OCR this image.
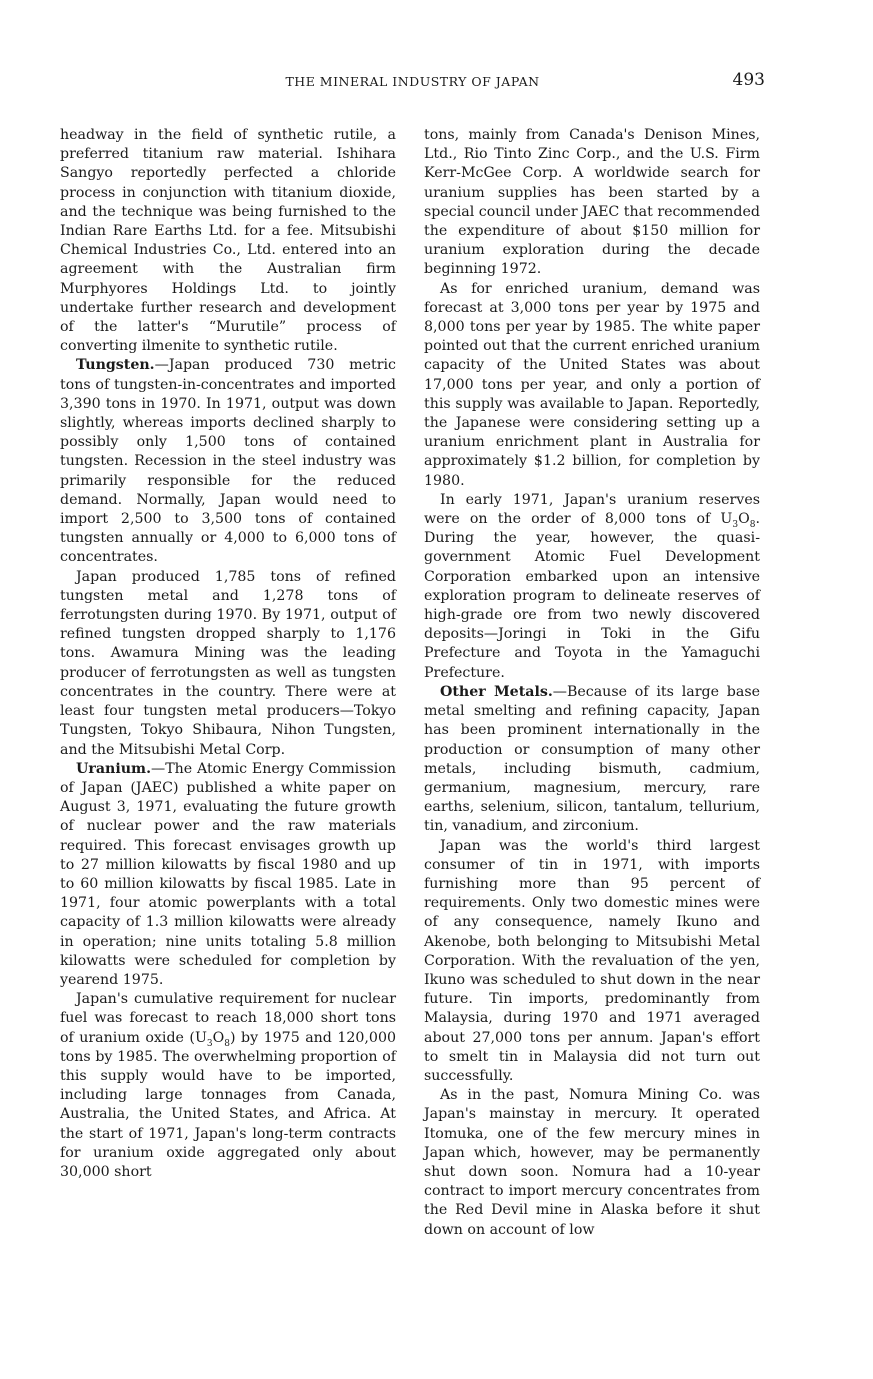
THE MINERAL INDUSTRY OF JAPAN	493

headway in the field of synthetic rutile, a preferred titanium raw material. Ishihara Sangyo reportedly perfected a chloride process in conjunction with titanium dioxide, and the technique was being furnished to the Indian Rare Earths Ltd. for a fee. Mitsubishi Chemical Industries Co., Ltd. entered into an agreement with the Australian firm Murphyores Holdings Ltd. to jointly undertake further research and development of the latter's “Murutile” process of converting ilmenite to synthetic rutile.

Tungsten.—Japan produced 730 metric tons of tungsten-in-concentrates and imported 3,390 tons in 1970. In 1971, output was down slightly, whereas imports declined sharply to possibly only 1,500 tons of contained tungsten. Recession in the steel industry was primarily responsible for the reduced demand. Normally, Japan would need to import 2,500 to 3,500 tons of contained tungsten annually or 4,000 to 6,000 tons of concentrates.

Japan produced 1,785 tons of refined tungsten metal and 1,278 tons of ferrotungsten during 1970. By 1971, output of refined tungsten dropped sharply to 1,176 tons. Awamura Mining was the leading producer of ferrotungsten as well as tungsten concentrates in the country. There were at least four tungsten metal producers—Tokyo Tungsten, Tokyo Shibaura, Nihon Tungsten, and the Mitsubishi Metal Corp.

Uranium.—The Atomic Energy Commission of Japan (JAEC) published a white paper on August 3, 1971, evaluating the future growth of nuclear power and the raw materials required. This forecast envisages growth up to 27 million kilowatts by fiscal 1980 and up to 60 million kilowatts by fiscal 1985. Late in 1971, four atomic powerplants with a total capacity of 1.3 million kilowatts were already in operation; nine units totaling 5.8 million kilowatts were scheduled for completion by yearend 1975.

Japan's cumulative requirement for nuclear fuel was forecast to reach 18,000 short tons of uranium oxide $(U_3O_8)$ by 1975 and 120,000 tons by 1985. The overwhelming proportion of this supply would have to be imported, including large tonnages from Canada, Australia, the United States, and Africa. At the start of 1971, Japan's long-term contracts for uranium oxide aggregated only about 30,000 short

tons, mainly from Canada's Denison Mines, Ltd., Rio Tinto Zinc Corp., and the U.S. Firm Kerr-McGee Corp. A worldwide search for uranium supplies has been started by a special council under JAEC that recommended the expenditure of about $150 million for uranium exploration during the decade beginning 1972.

As for enriched uranium, demand was forecast at 3,000 tons per year by 1975 and 8,000 tons per year by 1985. The white paper pointed out that the current enriched uranium capacity of the United States was about 17,000 tons per year, and only a portion of this supply was available to Japan. Reportedly, the Japanese were considering setting up a uranium enrichment plant in Australia for approximately $1.2 billion, for completion by 1980.

In early 1971, Japan's uranium reserves were on the order of 8,000 tons of $U_3O_8$. During the year, however, the quasi-government Atomic Fuel Development Corporation embarked upon an intensive exploration program to delineate reserves of high-grade ore from two newly discovered deposits—Joringi in Toki in the Gifu Prefecture and Toyota in the Yamaguchi Prefecture.

Other Metals.—Because of its large base metal smelting and refining capacity, Japan has been prominent internationally in the production or consumption of many other metals, including bismuth, cadmium, germanium, magnesium, mercury, rare earths, selenium, silicon, tantalum, tellurium, tin, vanadium, and zirconium.

Japan was the world's third largest consumer of tin in 1971, with imports furnishing more than 95 percent of requirements. Only two domestic mines were of any consequence, namely Ikuno and Akenobe, both belonging to Mitsubishi Metal Corporation. With the revaluation of the yen, Ikuno was scheduled to shut down in the near future. Tin imports, predominantly from Malaysia, during 1970 and 1971 averaged about 27,000 tons per annum. Japan's effort to smelt tin in Malaysia did not turn out successfully.

As in the past, Nomura Mining Co. was Japan's mainstay in mercury. It operated Itomuka, one of the few mercury mines in Japan which, however, may be permanently shut down soon. Nomura had a 10-year contract to import mercury concentrates from the Red Devil mine in Alaska before it shut down on account of low
